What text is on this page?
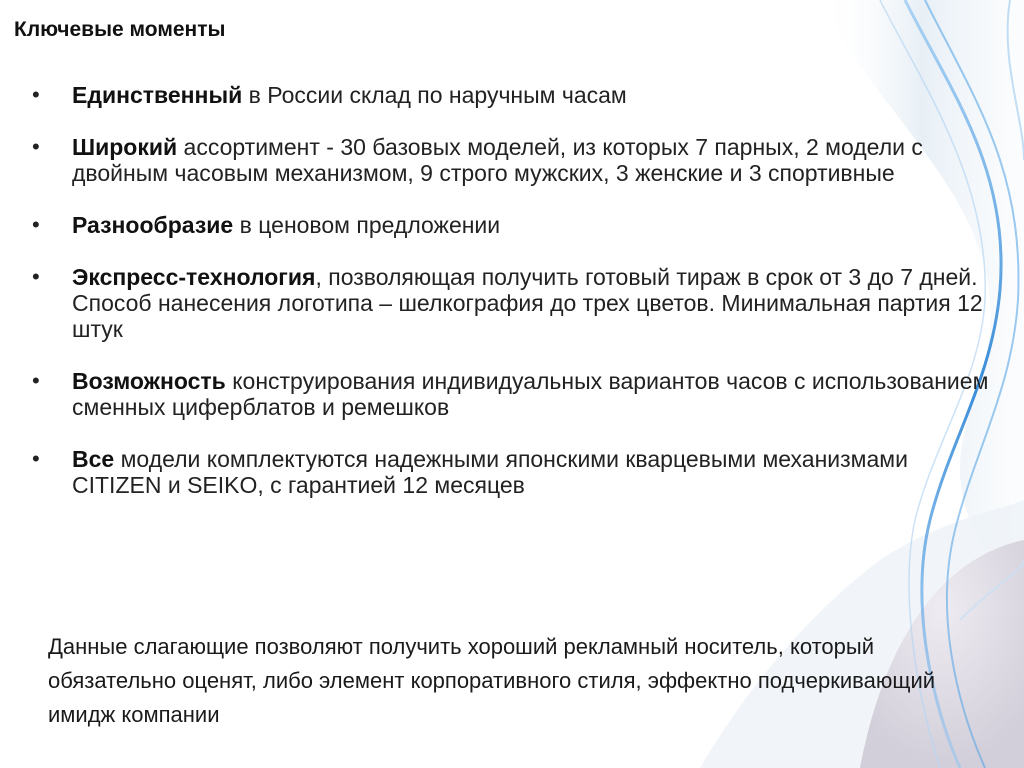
Ключевые моменты
• Единственный в России склад по наручным часам
• Широкий ассортимент - 30 базовых моделей, из которых 7 парных, 2 модели с двойным часовым механизмом, 9 строго мужских, 3 женские и 3 спортивные
• Разнообразие в ценовом предложении
• Экспресс-технология, позволяющая получить готовый тираж в срок от 3 до 7 дней. Способ нанесения логотипа – шелкография до трех цветов. Минимальная партия 12 штук
• Возможность конструирования индивидуальных вариантов часов с использованием сменных циферблатов и ремешков
• Все модели комплектуются надежными японскими кварцевыми механизмами CITIZEN и SEIKO, с гарантией 12 месяцев
Данные слагающие позволяют получить хороший рекламный носитель, который обязательно оценят, либо элемент корпоративного стиля, эффектно подчеркивающий имидж компании
